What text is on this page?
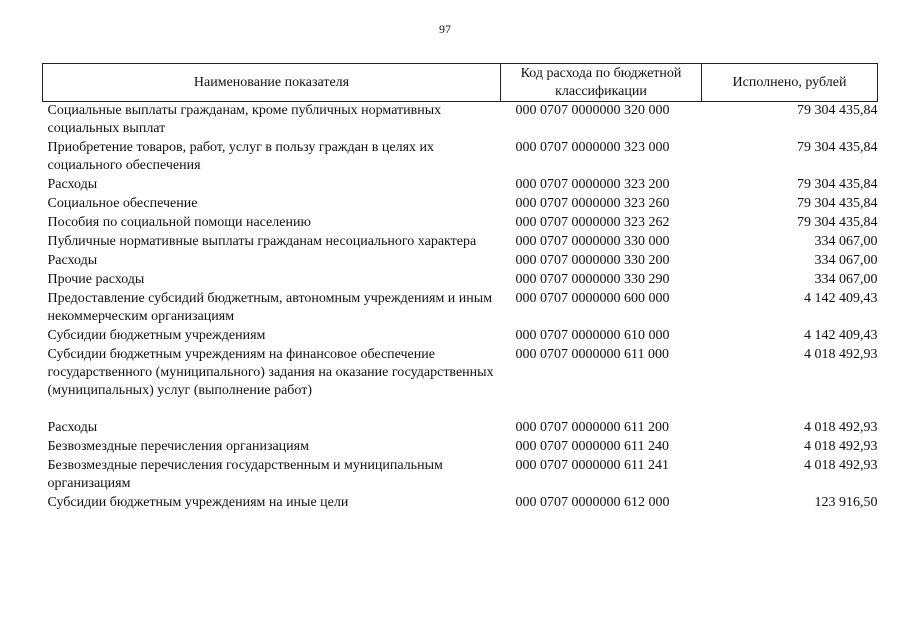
97
Наименование показателя	Код расхода по бюджетной классификации	Исполнено, рублей
Социальные выплаты гражданам, кроме публичных нормативных социальных выплат	000 0707 0000000 320 000	79 304 435,84
Приобретение товаров, работ, услуг в пользу граждан в целях их социального обеспечения	000 0707 0000000 323 000	79 304 435,84
Расходы	000 0707 0000000 323 200	79 304 435,84
Социальное обеспечение	000 0707 0000000 323 260	79 304 435,84
Пособия по социальной помощи населению	000 0707 0000000 323 262	79 304 435,84
Публичные нормативные выплаты гражданам несоциального характера	000 0707 0000000 330 000	334 067,00
Расходы	000 0707 0000000 330 200	334 067,00
Прочие расходы	000 0707 0000000 330 290	334 067,00
Предоставление субсидий бюджетным, автономным учреждениям и иным некоммерческим организациям	000 0707 0000000 600 000	4 142 409,43
Субсидии бюджетным учреждениям	000 0707 0000000 610 000	4 142 409,43
Субсидии бюджетным учреждениям на финансовое обеспечение государственного (муниципального) задания на оказание государственных (муниципальных) услуг (выполнение работ)	000 0707 0000000 611 000	4 018 492,93

Расходы	000 0707 0000000 611 200	4 018 492,93
Безвозмездные перечисления организациям	000 0707 0000000 611 240	4 018 492,93
Безвозмездные перечисления государственным и муниципальным организациям	000 0707 0000000 611 241	4 018 492,93
Субсидии бюджетным учреждениям на иные цели	000 0707 0000000 612 000	123 916,50
